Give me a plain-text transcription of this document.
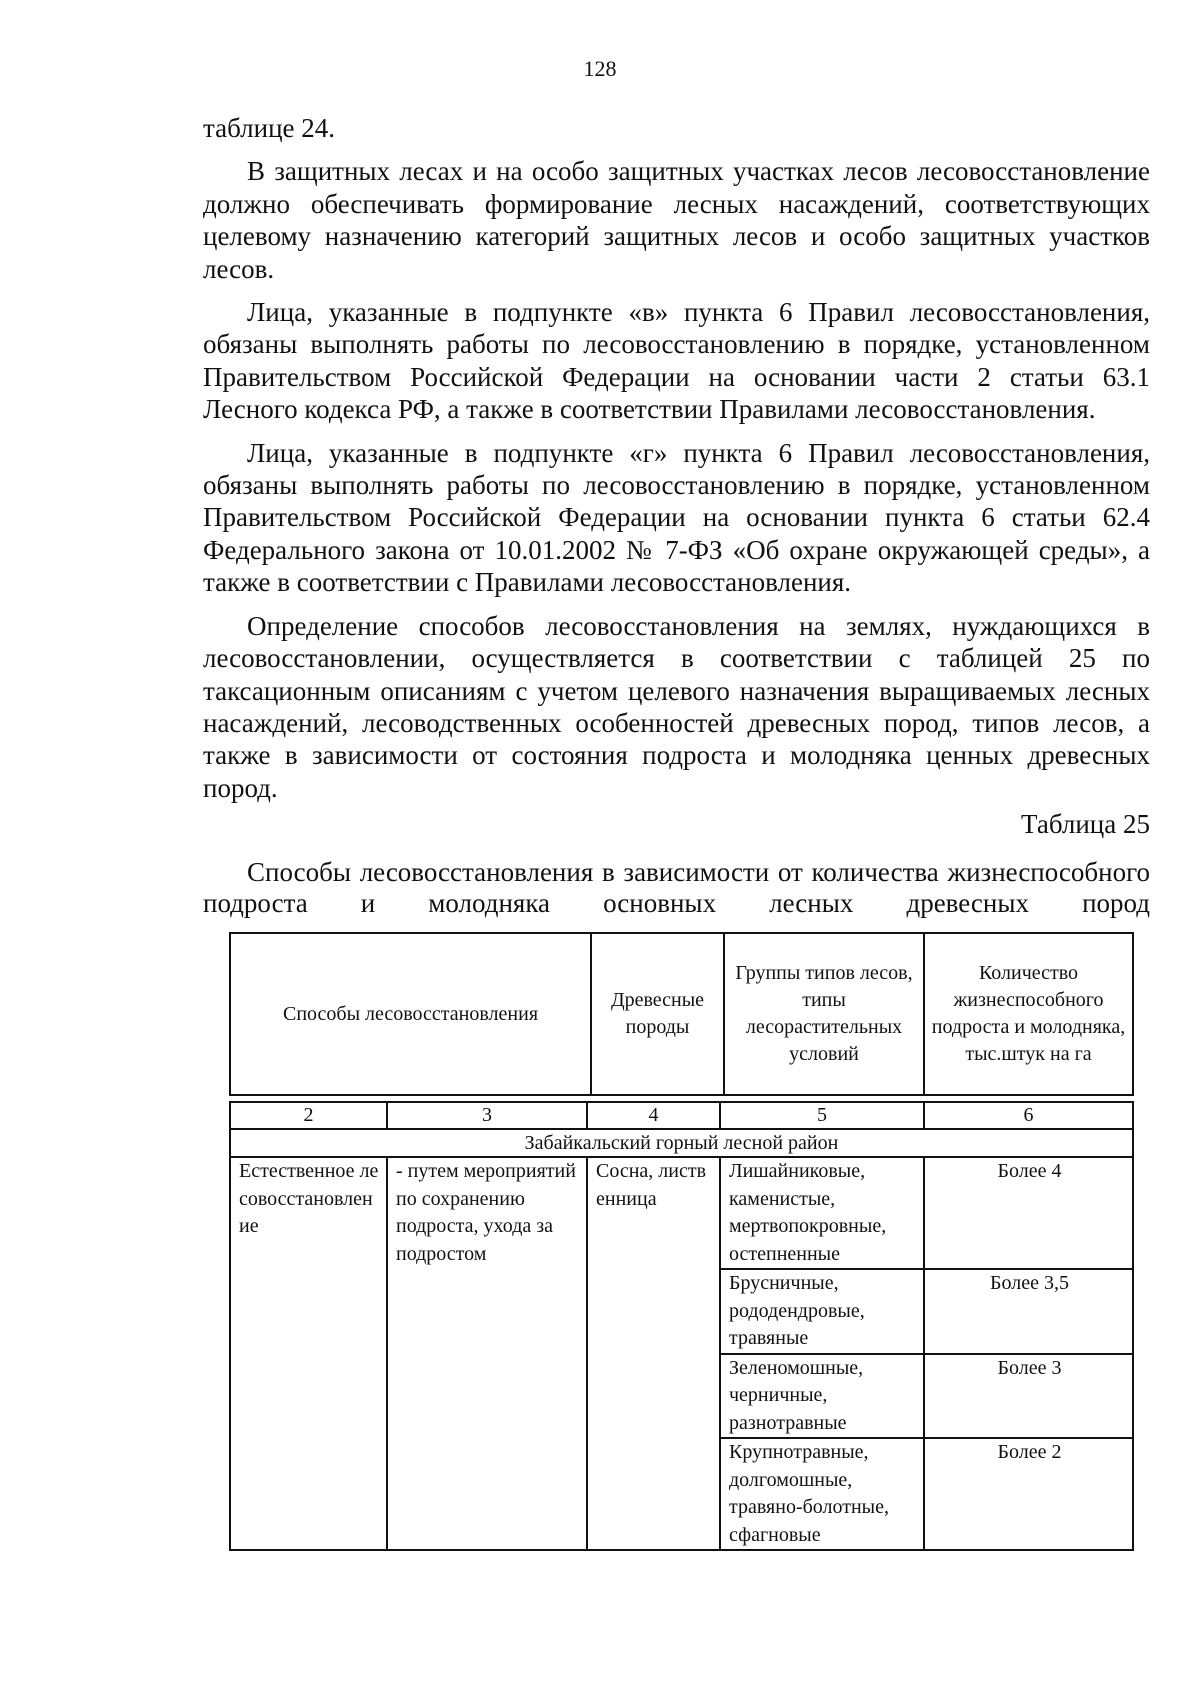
128

таблице 24.

В защитных лесах и на особо защитных участках лесов лесовосстановление должно обеспечивать формирование лесных насаждений, соответствующих целевому назначению категорий защитных лесов и особо защитных участков лесов.

Лица, указанные в подпункте «в» пункта 6 Правил лесовосстановления, обязаны выполнять работы по лесовосстановлению в порядке, установленном Правительством Российской Федерации на основании части 2 статьи 63.1 Лесного кодекса РФ, а также в соответствии Правилами лесовосстановления.

Лица, указанные в подпункте «г» пункта 6 Правил лесовосстановления, обязаны выполнять работы по лесовосстановлению в порядке, установленном Правительством Российской Федерации на основании пункта 6 статьи 62.4 Федерального закона от 10.01.2002 № 7-ФЗ «Об охране окружающей среды», а также в соответствии с Правилами лесовосстановления.

Определение способов лесовосстановления на землях, нуждающихся в лесовосстановлении, осуществляется в соответствии с таблицей 25 по таксационным описаниям с учетом целевого назначения выращиваемых лесных насаждений, лесоводственных особенностей древесных пород, типов лесов, а также в зависимости от состояния подроста и молодняка ценных древесных пород.

Таблица 25
Способы лесовосстановления в зависимости от количества жизнеспособного подроста и молодняка основных лесных древесных пород
Способы лесовосстановления	Древесные породы	Группы типов лесов, типы лесорастительных условий	Количество жизнеспособного подроста и молодняка, тыс.штук на га
2	3	4	5	6
Забайкальский горный лесной район				
Естественное лесовосстановление	- путем мероприятий по сохранению подроста, ухода за подростом	Сосна, лиственница	Лишайниковые, каменистые, мертвопокровные, остепненные	Более 4
			Брусничные, рододендровые, травяные	Более 3,5
			Зеленомошные, черничные, разнотравные	Более 3
			Крупнотравные, долгомошные, травяно-болотные, сфагновые	Более 2
